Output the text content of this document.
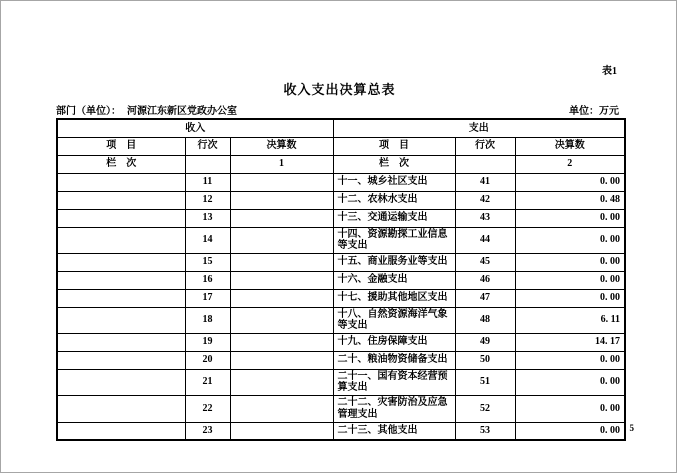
表1
收入支出决算总表
部门（单位）： 河源江东新区党政办公室	单位：万元
收入			支出		
项　目	行次	决算数	项　目	行次	决算数
栏　次		1	栏　次		2
	11		十一、城乡社区支出	41	0. 00
	12		十二、农林水支出	42	0. 48
	13		十三、交通运输支出	43	0. 00
	14		十四、资源勘探工业信息等支出	44	0. 00
	15		十五、商业服务业等支出	45	0. 00
	16		十六、金融支出	46	0. 00
	17		十七、援助其他地区支出	47	0. 00
	18		十八、自然资源海洋气象等支出	48	6. 11
	19		十九、住房保障支出	49	14. 17
	20		二十、粮油物资储备支出	50	0. 00
	21		二十一、国有资本经营预算支出	51	0. 00
	22		二十二、灾害防治及应急管理支出	52	0. 00
	23		二十三、其他支出	53	0. 00 5
